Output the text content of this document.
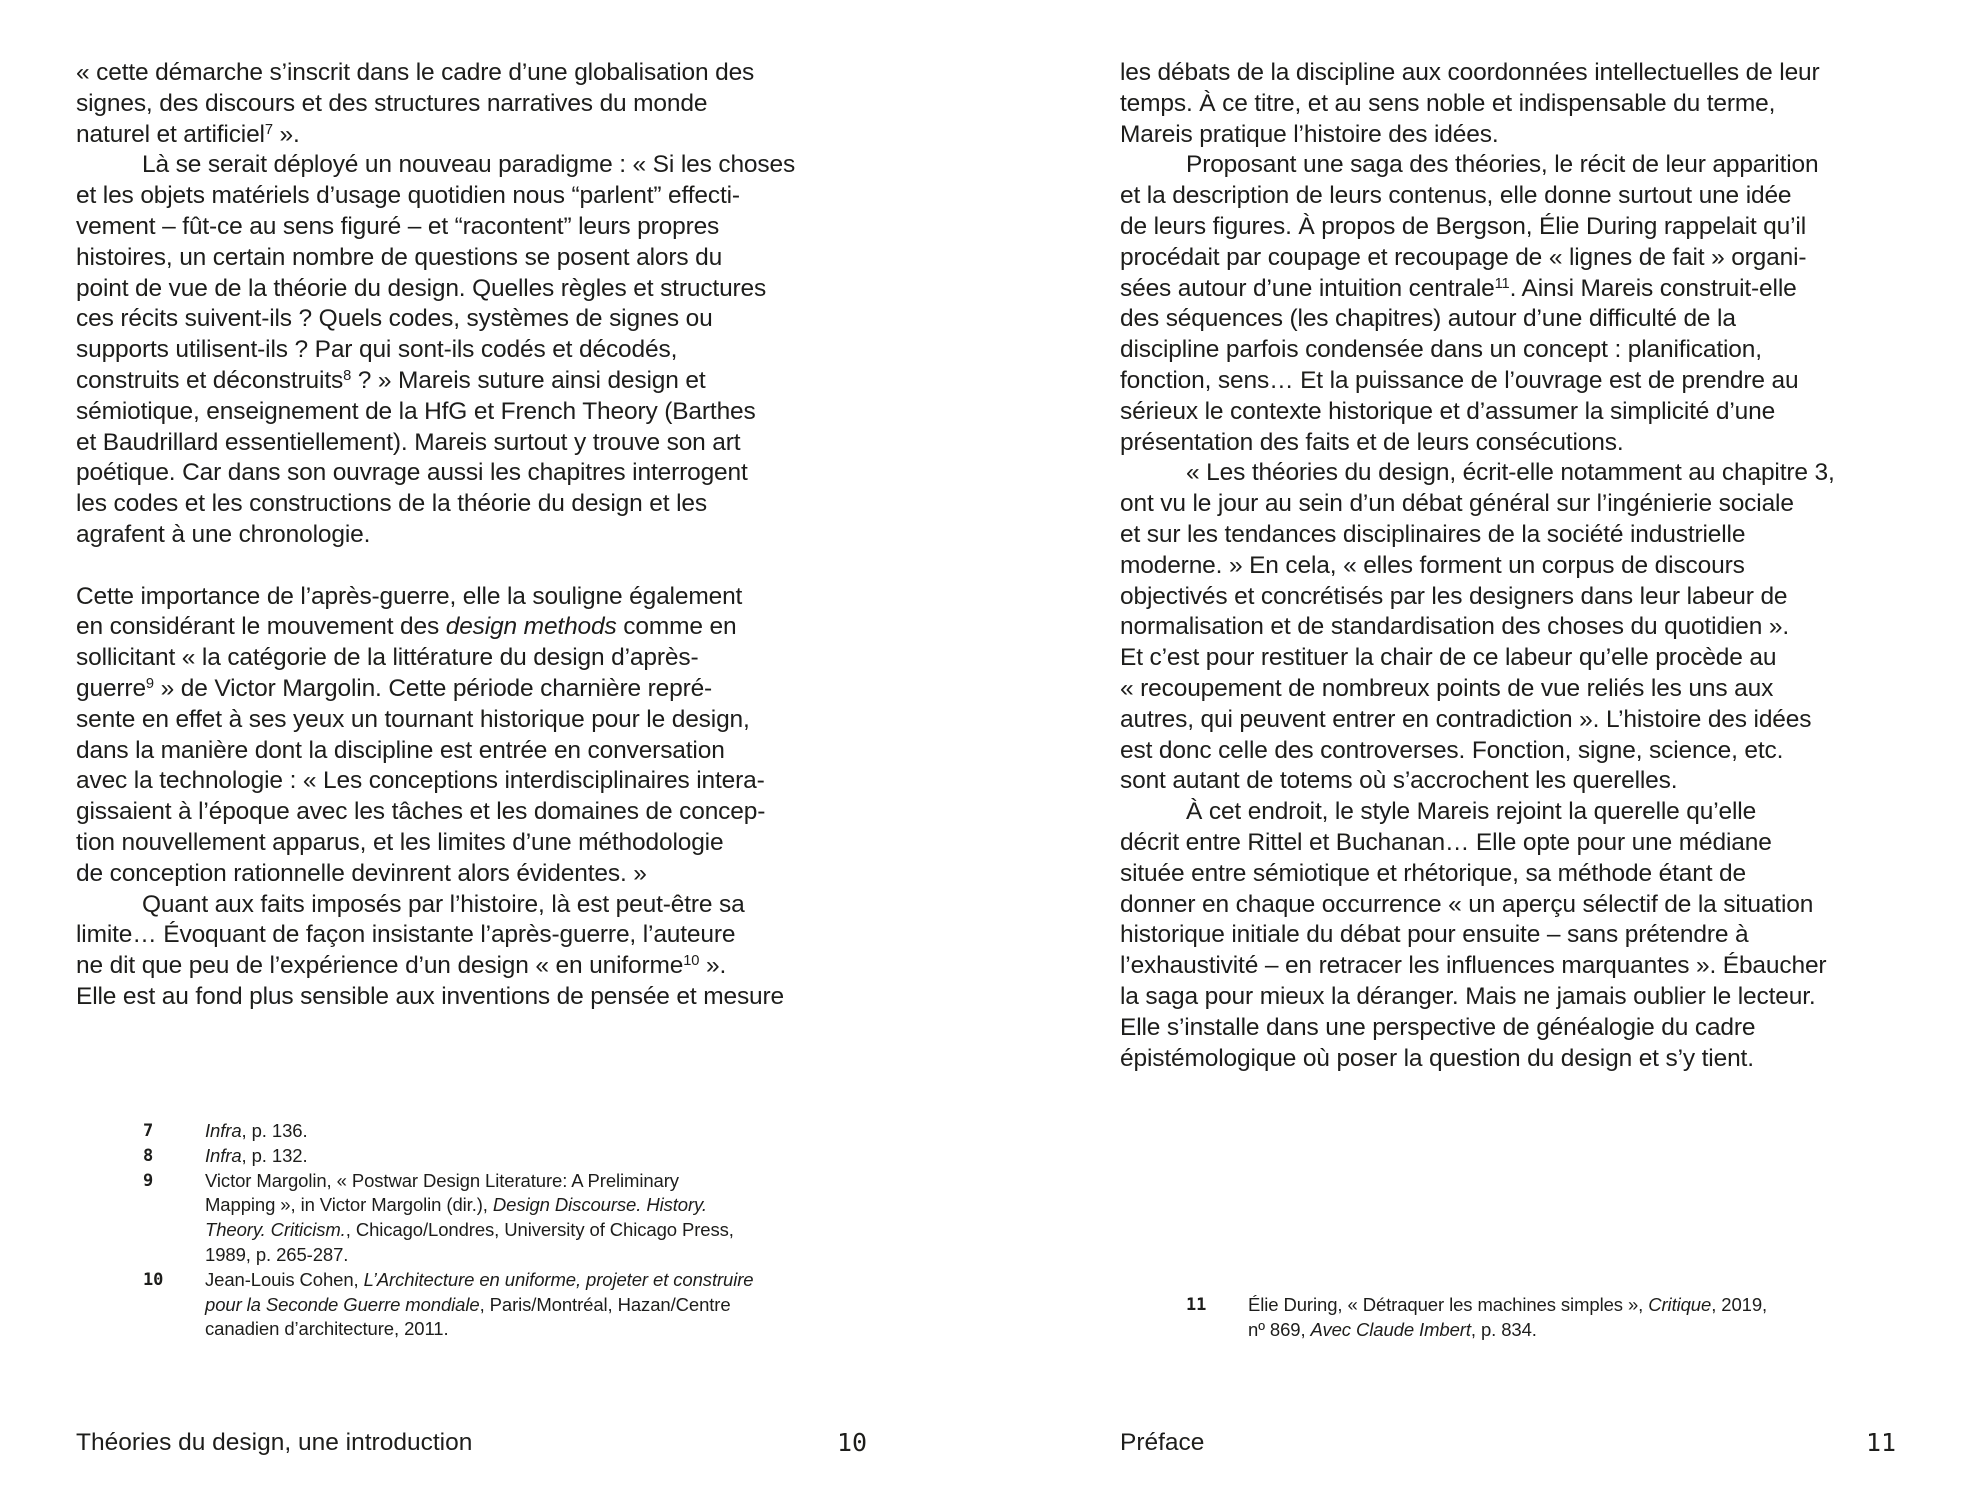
« cette démarche s’inscrit dans le cadre d’une globalisation des
signes, des discours et des structures narratives du monde
naturel et artificiel$^7$ ».
Là se serait déployé un nouveau paradigme : « Si les choses
et les objets matériels d’usage quotidien nous “parlent” effecti-
vement – fût-ce au sens figuré – et “racontent” leurs propres
histoires, un certain nombre de questions se posent alors du
point de vue de la théorie du design. Quelles règles et structures
ces récits suivent-ils ? Quels codes, systèmes de signes ou
supports utilisent-ils ? Par qui sont-ils codés et décodés,
construits et déconstruits$^8$ ? » Mareis suture ainsi design et
sémiotique, enseignement de la HfG et French Theory (Barthes
et Baudrillard essentiellement). Mareis surtout y trouve son art
poétique. Car dans son ouvrage aussi les chapitres interrogent
les codes et les constructions de la théorie du design et les
agrafent à une chronologie.
Cette importance de l’après-guerre, elle la souligne également
en considérant le mouvement des design methods comme en
sollicitant « la catégorie de la littérature du design d’après-
guerre$^9$ » de Victor Margolin. Cette période charnière repré-
sente en effet à ses yeux un tournant historique pour le design,
dans la manière dont la discipline est entrée en conversation
avec la technologie : « Les conceptions interdisciplinaires intera-
gissaient à l’époque avec les tâches et les domaines de concep-
tion nouvellement apparus, et les limites d’une méthodologie
de conception rationnelle devinrent alors évidentes. »
Quant aux faits imposés par l’histoire, là est peut-être sa
limite… Évoquant de façon insistante l’après-guerre, l’auteure
ne dit que peu de l’expérience d’un design « en uniforme$^{10}$ ».
Elle est au fond plus sensible aux inventions de pensée et mesure
7	Infra, p. 136.
8	Infra, p. 132.
9	Victor Margolin, « Postwar Design Literature: A Preliminary
Mapping », in Victor Margolin (dir.), Design Discourse. History.
Theory. Criticism., Chicago/Londres, University of Chicago Press,
1989, p. 265-287.
10	Jean-Louis Cohen, L’Architecture en uniforme, projeter et construire
pour la Seconde Guerre mondiale, Paris/Montréal, Hazan/Centre
canadien d’architecture, 2011.
Théories du design, une introduction	10
les débats de la discipline aux coordonnées intellectuelles de leur
temps. À ce titre, et au sens noble et indispensable du terme,
Mareis pratique l’histoire des idées.
Proposant une saga des théories, le récit de leur apparition
et la description de leurs contenus, elle donne surtout une idée
de leurs figures. À propos de Bergson, Élie During rappelait qu’il
procédait par coupage et recoupage de « lignes de fait » organi-
sées autour d’une intuition centrale$^{11}$. Ainsi Mareis construit-elle
des séquences (les chapitres) autour d’une difficulté de la
discipline parfois condensée dans un concept : planification,
fonction, sens… Et la puissance de l’ouvrage est de prendre au
sérieux le contexte historique et d’assumer la simplicité d’une
présentation des faits et de leurs consécutions.
« Les théories du design, écrit-elle notamment au chapitre 3,
ont vu le jour au sein d’un débat général sur l’ingénierie sociale
et sur les tendances disciplinaires de la société industrielle
moderne. » En cela, « elles forment un corpus de discours
objectivés et concrétisés par les designers dans leur labeur de
normalisation et de standardisation des choses du quotidien ».
Et c’est pour restituer la chair de ce labeur qu’elle procède au
« recoupement de nombreux points de vue reliés les uns aux
autres, qui peuvent entrer en contradiction ». L’histoire des idées
est donc celle des controverses. Fonction, signe, science, etc.
sont autant de totems où s’accrochent les querelles.
À cet endroit, le style Mareis rejoint la querelle qu’elle
décrit entre Rittel et Buchanan… Elle opte pour une médiane
située entre sémiotique et rhétorique, sa méthode étant de
donner en chaque occurrence « un aperçu sélectif de la situation
historique initiale du débat pour ensuite – sans prétendre à
l’exhaustivité – en retracer les influences marquantes ». Ébaucher
la saga pour mieux la déranger. Mais ne jamais oublier le lecteur.
Elle s’installe dans une perspective de généalogie du cadre
épistémologique où poser la question du design et s’y tient.
11	Élie During, « Détraquer les machines simples », Critique, 2019,
nº 869, Avec Claude Imbert, p. 834.
Préface	11
